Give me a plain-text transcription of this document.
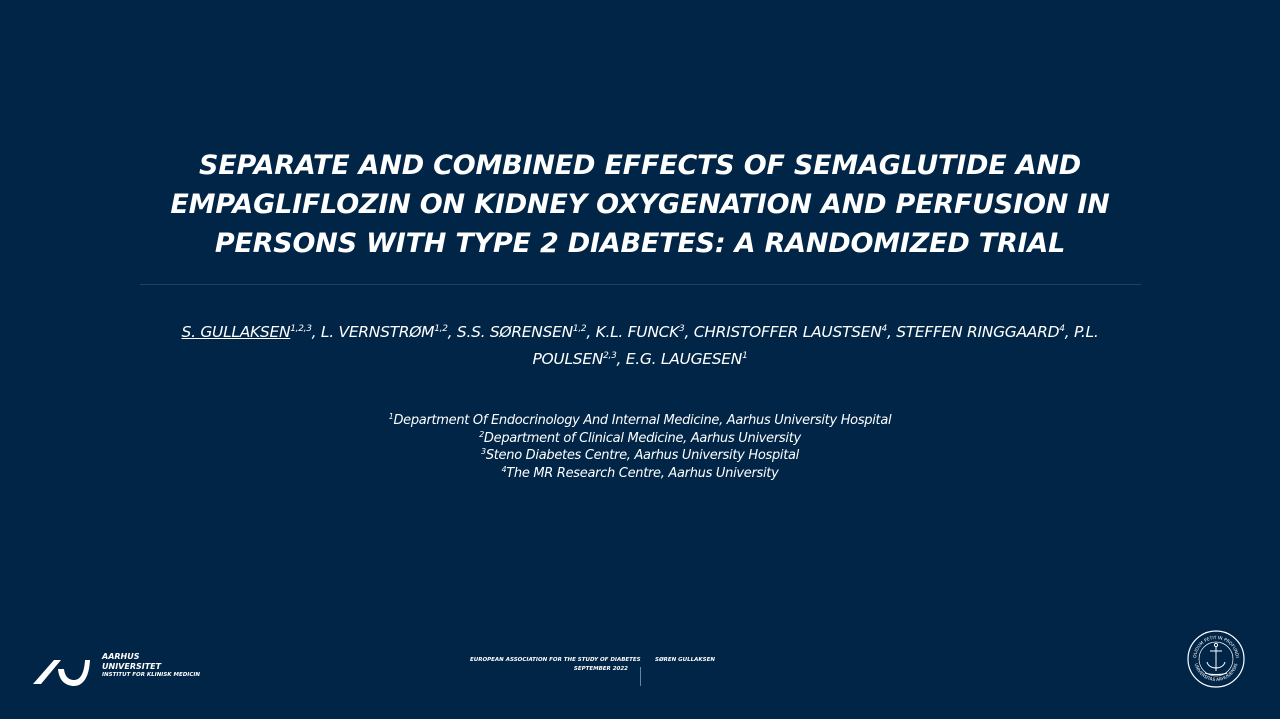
SEPARATE AND COMBINED EFFECTS OF SEMAGLUTIDE AND
EMPAGLIFLOZIN ON KIDNEY OXYGENATION AND PERFUSION IN
PERSONS WITH TYPE 2 DIABETES: A RANDOMIZED TRIAL
S. GULLAKSEN$^{1,2,3}$, L. VERNSTRØM$^{1,2}$, S.S. SØRENSEN$^{1,2}$, K.L. FUNCK$^3$, CHRISTOFFER LAUSTSEN$^4$, STEFFEN RINGGAARD$^4$, P.L. POULSEN$^{2,3}$, E.G. LAUGESEN$^1$
$^1$Department Of Endocrinology And Internal Medicine, Aarhus University Hospital
$^2$Department of Clinical Medicine, Aarhus University
$^3$Steno Diabetes Centre, Aarhus University Hospital
$^4$The MR Research Centre, Aarhus University
AARHUS
UNIVERSITET
INSTITUT FOR KLINISK MEDICIN
EUROPEAN ASSOCIATION FOR THE STUDY OF DIABETES
SEPTEMBER 2022
SØREN GULLAKSEN
OLIDUM PETIT IN PROFUNDI
UNIVERSITAS ARHUSIENSIS
